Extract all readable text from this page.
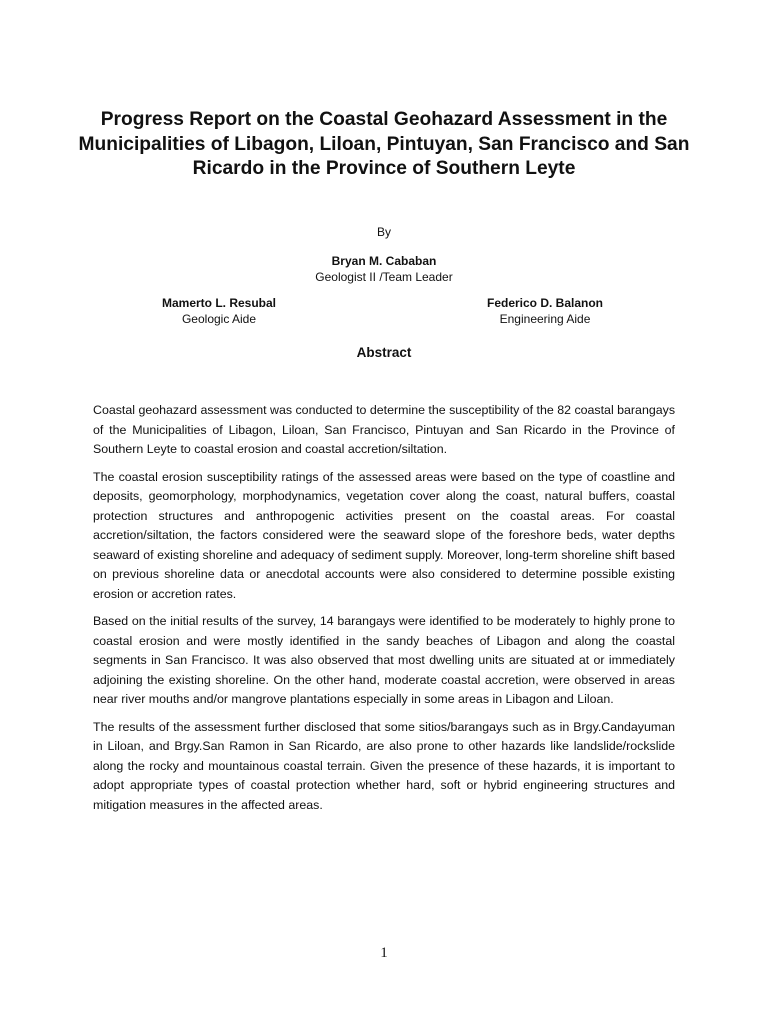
Progress Report on the Coastal Geohazard Assessment in the Municipalities of Libagon, Liloan, Pintuyan, San Francisco and San Ricardo in the Province of Southern Leyte
By
Bryan M. Cababan
Geologist II /Team Leader
Mamerto L. Resubal
Geologic Aide
Federico D. Balanon
Engineering Aide
Abstract

Coastal geohazard assessment was conducted to determine the susceptibility of the 82 coastal barangays of the Municipalities of Libagon, Liloan, San Francisco, Pintuyan and San Ricardo in the Province of Southern Leyte to coastal erosion and coastal accretion/siltation.

The coastal erosion susceptibility ratings of the assessed areas were based on the type of coastline and deposits, geomorphology, morphodynamics, vegetation cover along the coast, natural buffers, coastal protection structures and anthropogenic activities present on the coastal areas. For coastal accretion/siltation, the factors considered were the seaward slope of the foreshore beds, water depths seaward of existing shoreline and adequacy of sediment supply. Moreover, long-term shoreline shift based on previous shoreline data or anecdotal accounts were also considered to determine possible existing erosion or accretion rates.

Based on the initial results of the survey, 14 barangays were identified to be moderately to highly prone to coastal erosion and were mostly identified in the sandy beaches of Libagon and along the coastal segments in San Francisco. It was also observed that most dwelling units are situated at or immediately adjoining the existing shoreline. On the other hand, moderate coastal accretion, were observed in areas near river mouths and/or mangrove plantations especially in some areas in Libagon and Liloan.

The results of the assessment further disclosed that some sitios/barangays such as in Brgy.Candayuman in Liloan, and Brgy.San Ramon in San Ricardo, are also prone to other hazards like landslide/rockslide along the rocky and mountainous coastal terrain. Given the presence of these hazards, it is important to adopt appropriate types of coastal protection whether hard, soft or hybrid engineering structures and mitigation measures in the affected areas.

1
